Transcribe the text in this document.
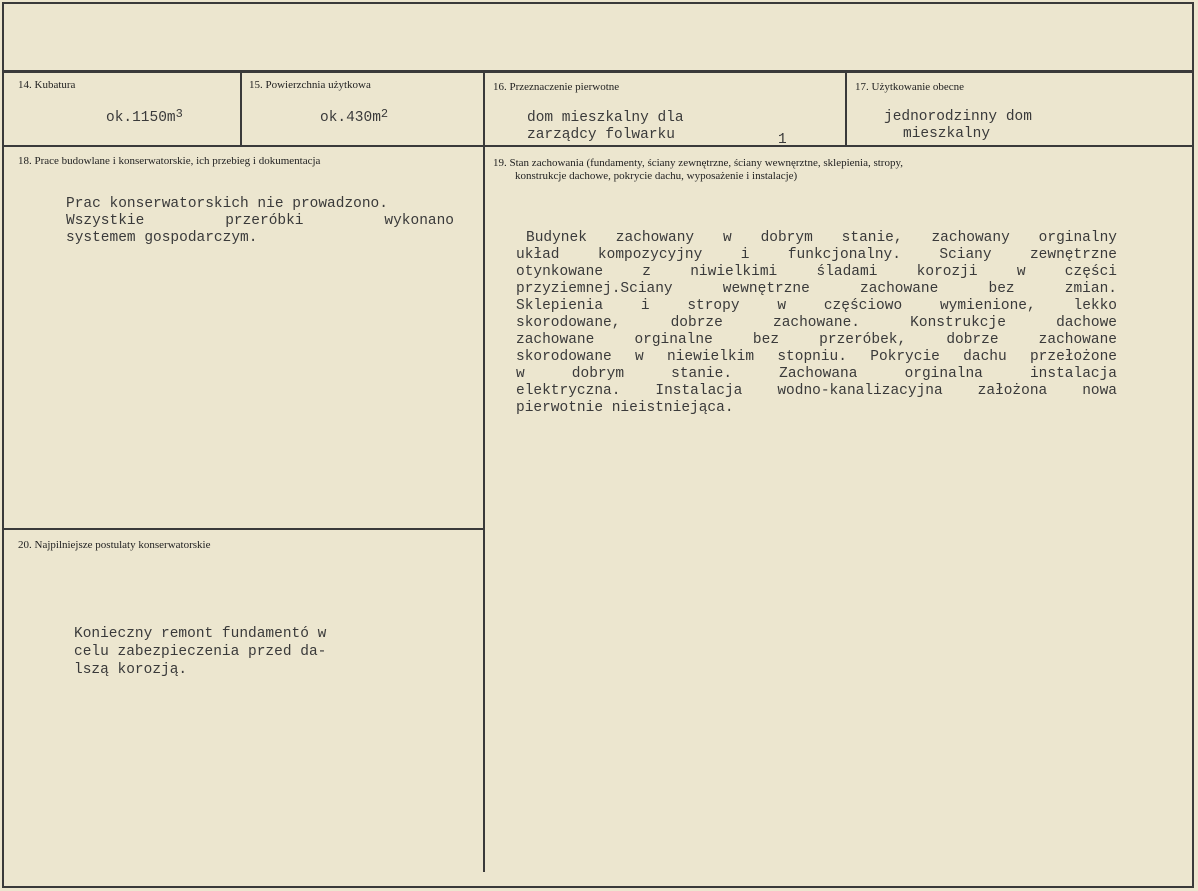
14. Kubatura
$ok.1150m^3$
15. Powierzchnia użytkowa
$ok.430m^2$
16. Przeznaczenie pierwotne
dom mieszkalny dla
zarządcy folwarku	1
17. Użytkowanie obecne
jednorodzinny dom
mieszkalny
18. Prace budowlane i konserwatorskie, ich przebieg i dokumentacja

Prac konserwatorskich nie prowadzono.

Wszystkie przeróbki wykonano

systemem gospodarczym.

19. Stan zachowania (fundamenty, ściany zewnętrzne, ściany wewnęrztne, sklepienia, stropy,
konstrukcje dachowe, pokrycie dachu, wyposażenie i instalacje)

Budynek zachowany w dobrym stanie, zachowany orginalny

układ kompozycyjny i funkcjonalny. Sciany zewnętrzne

otynkowane z niwielkimi śladami korozji w części

przyziemnej.Sciany wewnętrzne zachowane bez zmian.

Sklepienia i stropy w częściowo wymienione, lekko

skorodowane, dobrze zachowane. Konstrukcje dachowe

zachowane orginalne bez przeróbek, dobrze zachowane

skorodowane w niewielkim stopniu. Pokrycie dachu przełożone

w dobrym stanie. Zachowana orginalna instalacja

elektryczna. Instalacja wodno-kanalizacyjna założona nowa

pierwotnie nieistniejąca.

20. Najpilniejsze postulaty konserwatorskie
Konieczny remont fundamentó w
celu zabezpieczenia przed da-
lszą korozją.
